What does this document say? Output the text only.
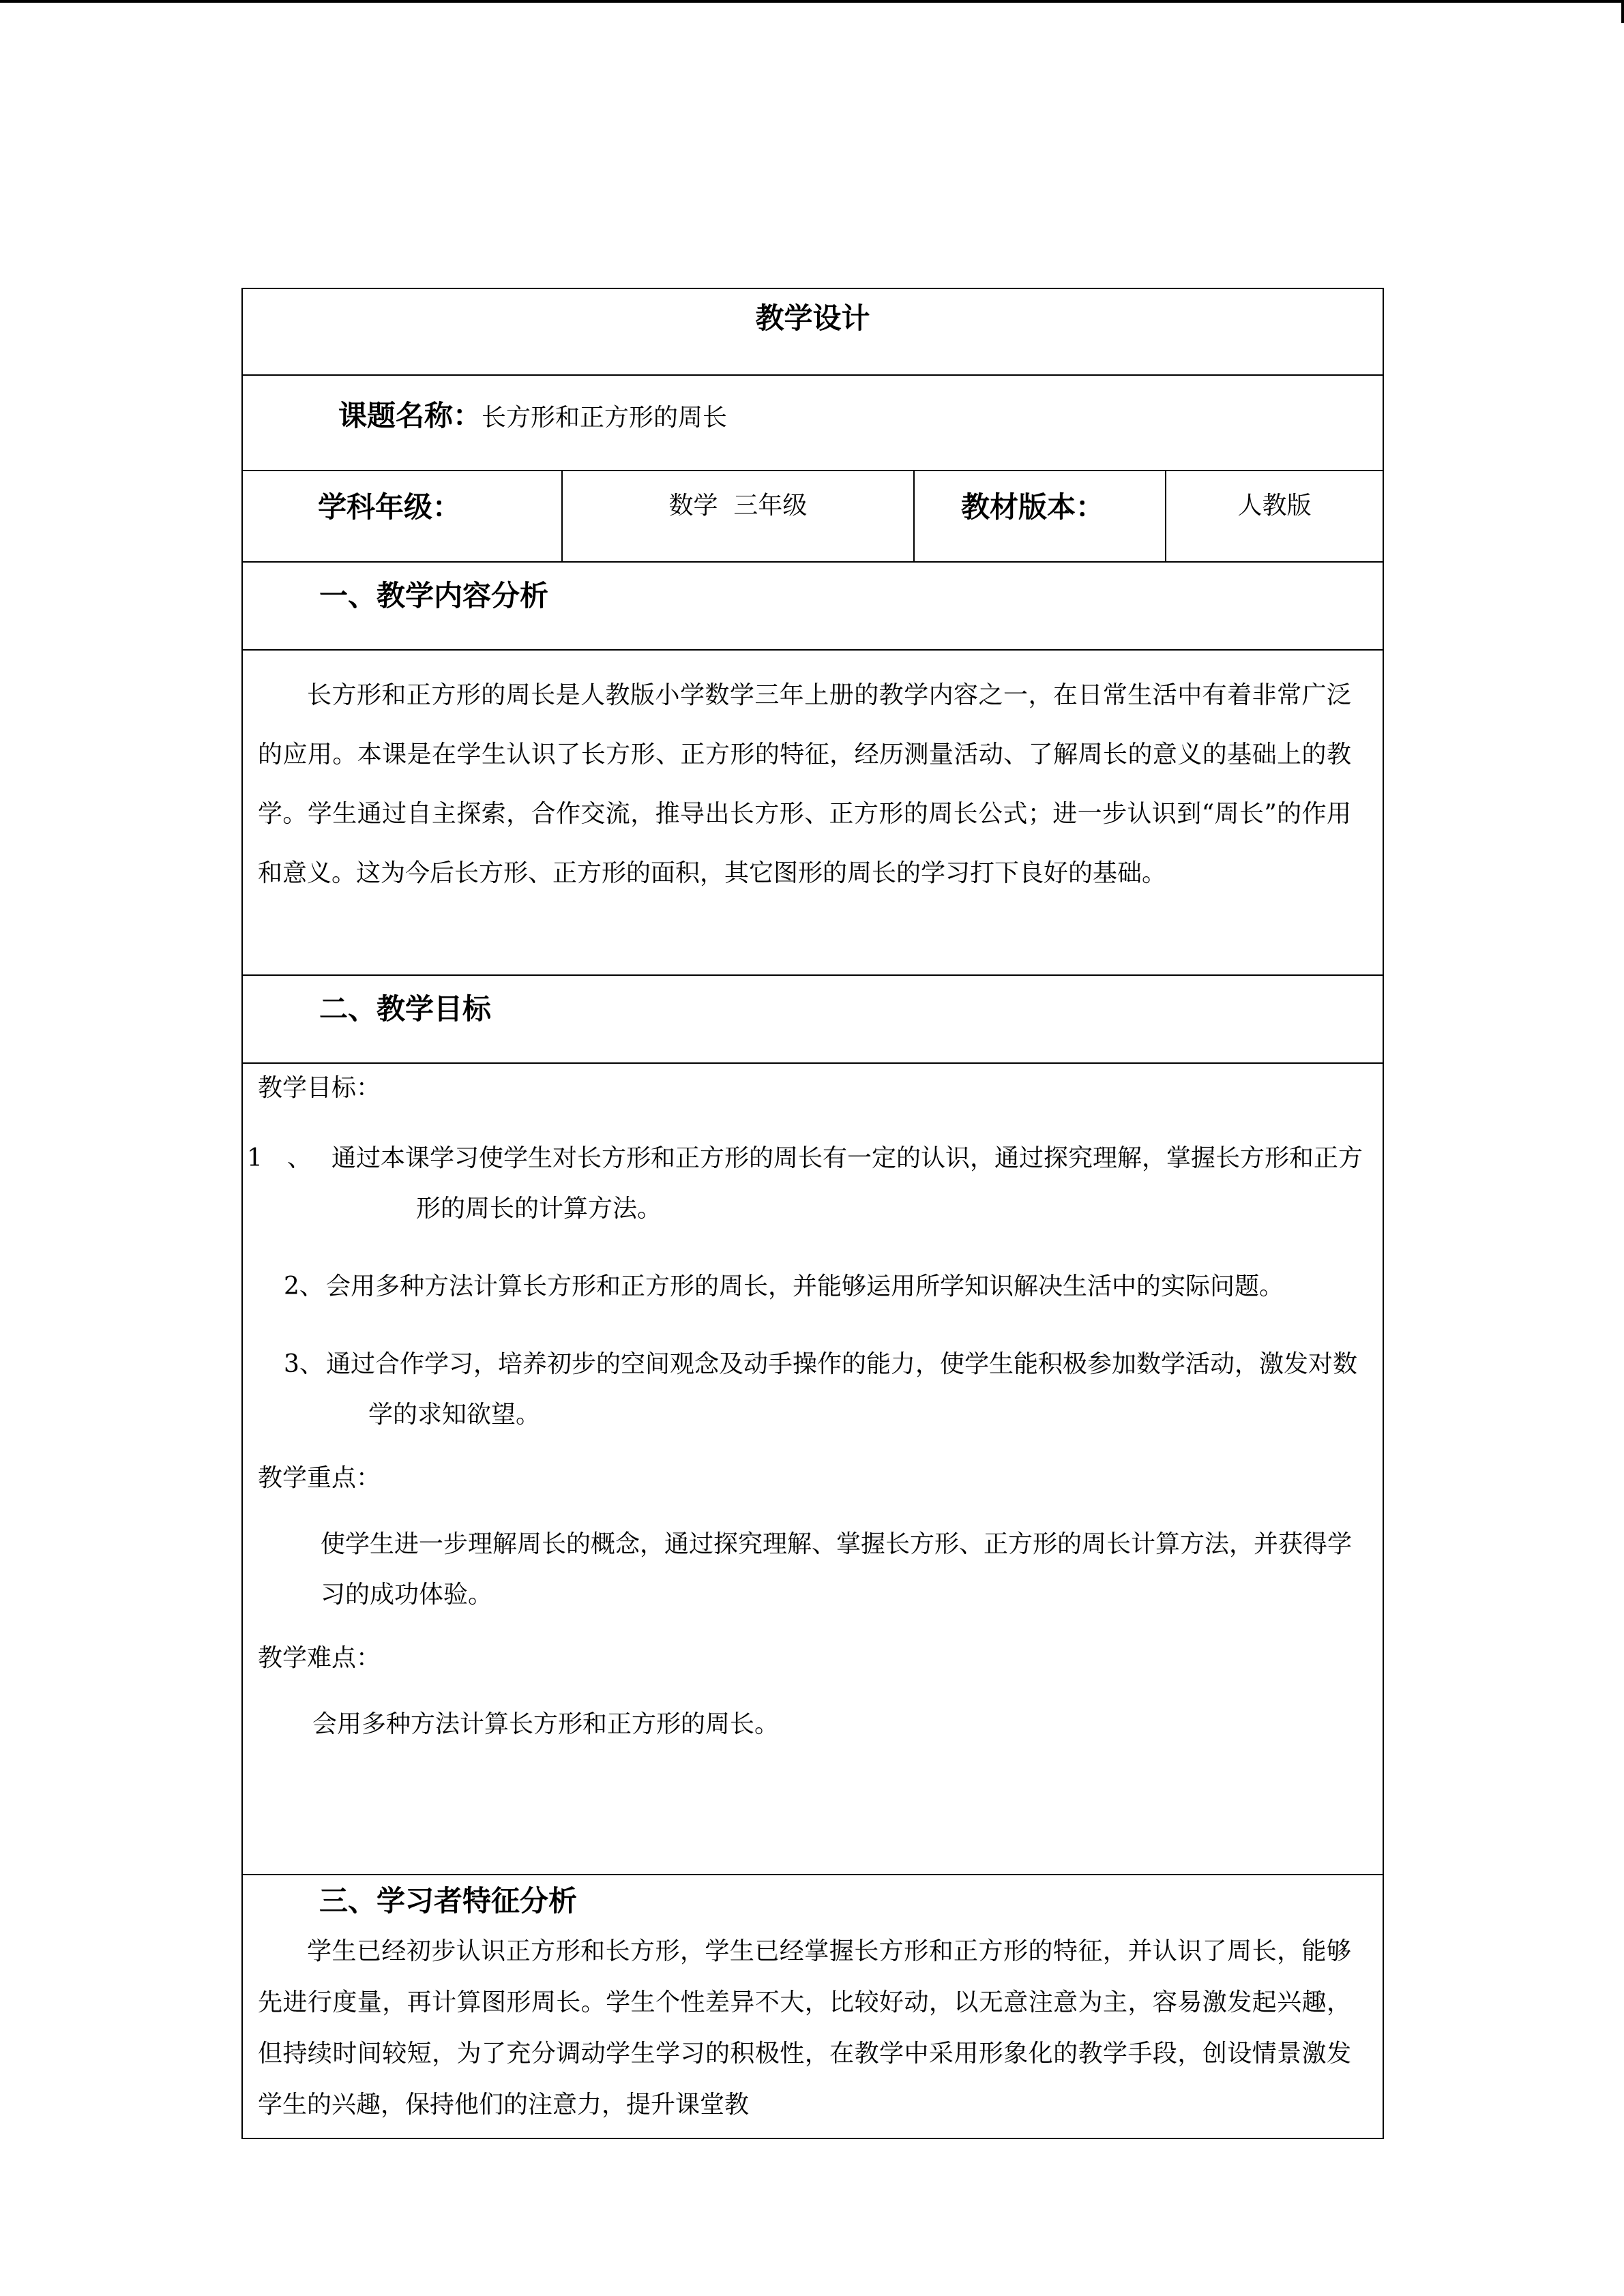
教学设计
课题名称：长方形和正方形的周长
学科年级：	数学  三年级	教材版本：	人教版
一、教学内容分析

长方形和正方形的周长是人教版小学数学三年上册的教学内容之一，在日常生活中有着非常广泛的应用。本课是在学生认识了长方形、正方形的特征，经历测量活动、了解周长的意义的基础上的教学。学生通过自主探索，合作交流，推导出长方形、正方形的周长公式；进一步认识到“周长”的作用和意义。这为今后长方形、正方形的面积，其它图形的周长的学习打下良好的基础。

二、教学目标

教学目标：

1　、 通过本课学习使学生对长方形和正方形的周长有一定的认识，通过探究理解，掌握长方形和正方形的周长的计算方法。

2、会用多种方法计算长方形和正方形的周长，并能够运用所学知识解决生活中的实际问题。

3、通过合作学习，培养初步的空间观念及动手操作的能力，使学生能积极参加数学活动，激发对数学的求知欲望。

教学重点：

使学生进一步理解周长的概念，通过探究理解、掌握长方形、正方形的周长计算方法，并获得学习的成功体验。

教学难点：

会用多种方法计算长方形和正方形的周长。

三、学习者特征分析

学生已经初步认识正方形和长方形，学生已经掌握长方形和正方形的特征，并认识了周长，能够先进行度量，再计算图形周长。学生个性差异不大，比较好动，以无意注意为主，容易激发起兴趣，但持续时间较短，为了充分调动学生学习的积极性，在教学中采用形象化的教学手段，创设情景激发学生的兴趣，保持他们的注意力，提升课堂教
